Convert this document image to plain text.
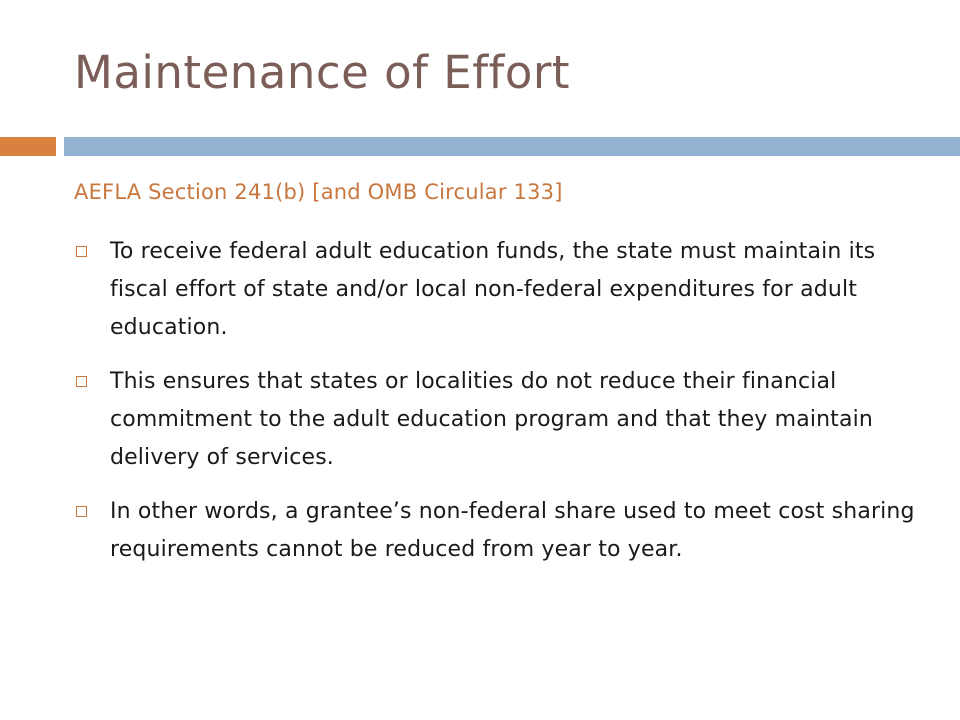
Maintenance of Effort

AEFLA Section 241(b) [and OMB Circular 133]

To receive federal adult education funds, the state must maintain its fiscal effort of state and/or local non-federal expenditures for adult education.
This ensures that states or localities do not reduce their financial commitment to the adult education program and that they maintain delivery of services.
In other words, a grantee’s non-federal share used to meet cost sharing requirements cannot be reduced from year to year.
